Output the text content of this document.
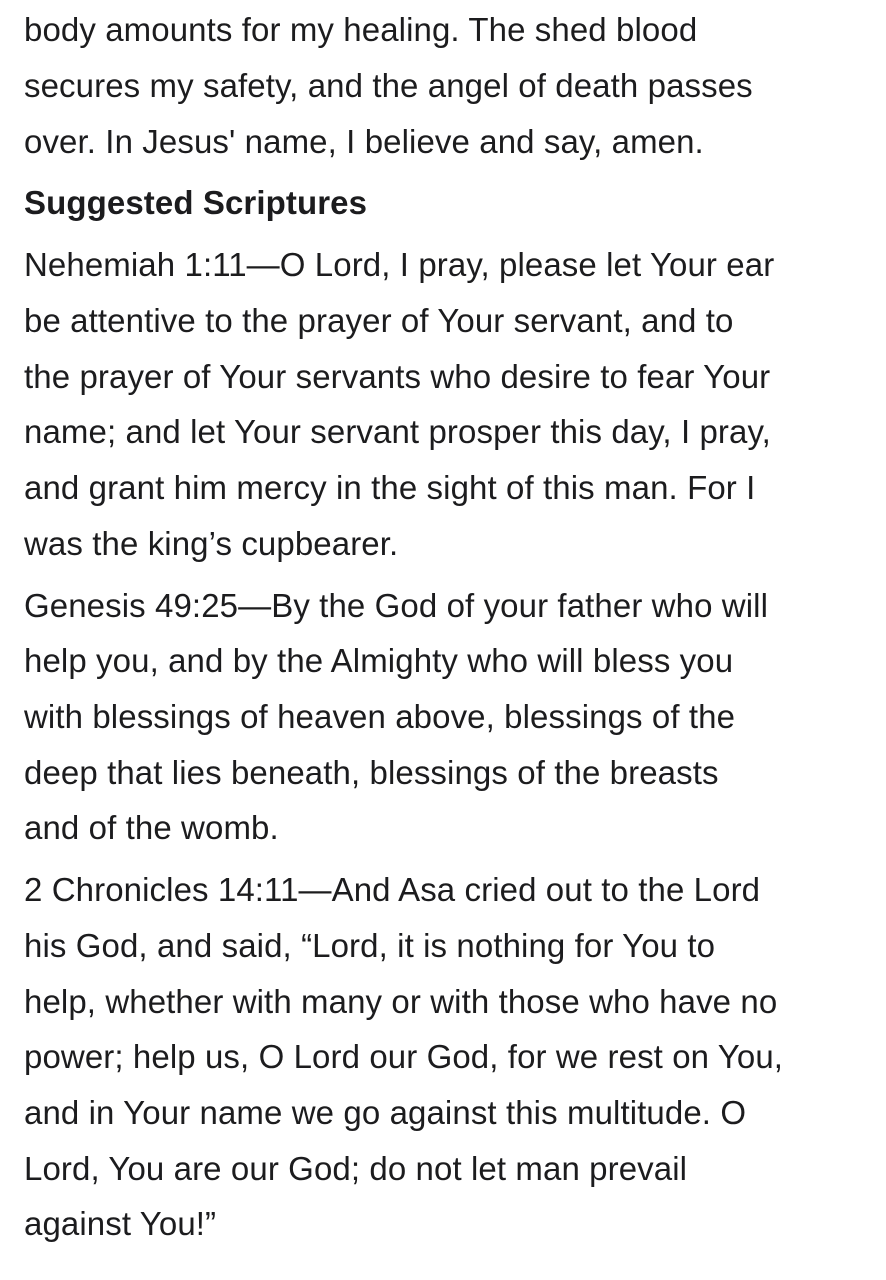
body amounts for my healing. The shed blood
secures my safety, and the angel of death passes
over. In Jesus' name, I believe and say, amen.
Suggested Scriptures
Nehemiah 1:11—O Lord, I pray, please let Your ear
be attentive to the prayer of Your servant, and to
the prayer of Your servants who desire to fear Your
name; and let Your servant prosper this day, I pray,
and grant him mercy in the sight of this man. For I
was the king’s cupbearer.
Genesis 49:25—By the God of your father who will
help you, and by the Almighty who will bless you
with blessings of heaven above, blessings of the
deep that lies beneath, blessings of the breasts
and of the womb.
2 Chronicles 14:11—And Asa cried out to the Lord
his God, and said, “Lord, it is nothing for You to
help, whether with many or with those who have no
power; help us, O Lord our God, for we rest on You,
and in Your name we go against this multitude. O
Lord, You are our God; do not let man prevail
against You!”
